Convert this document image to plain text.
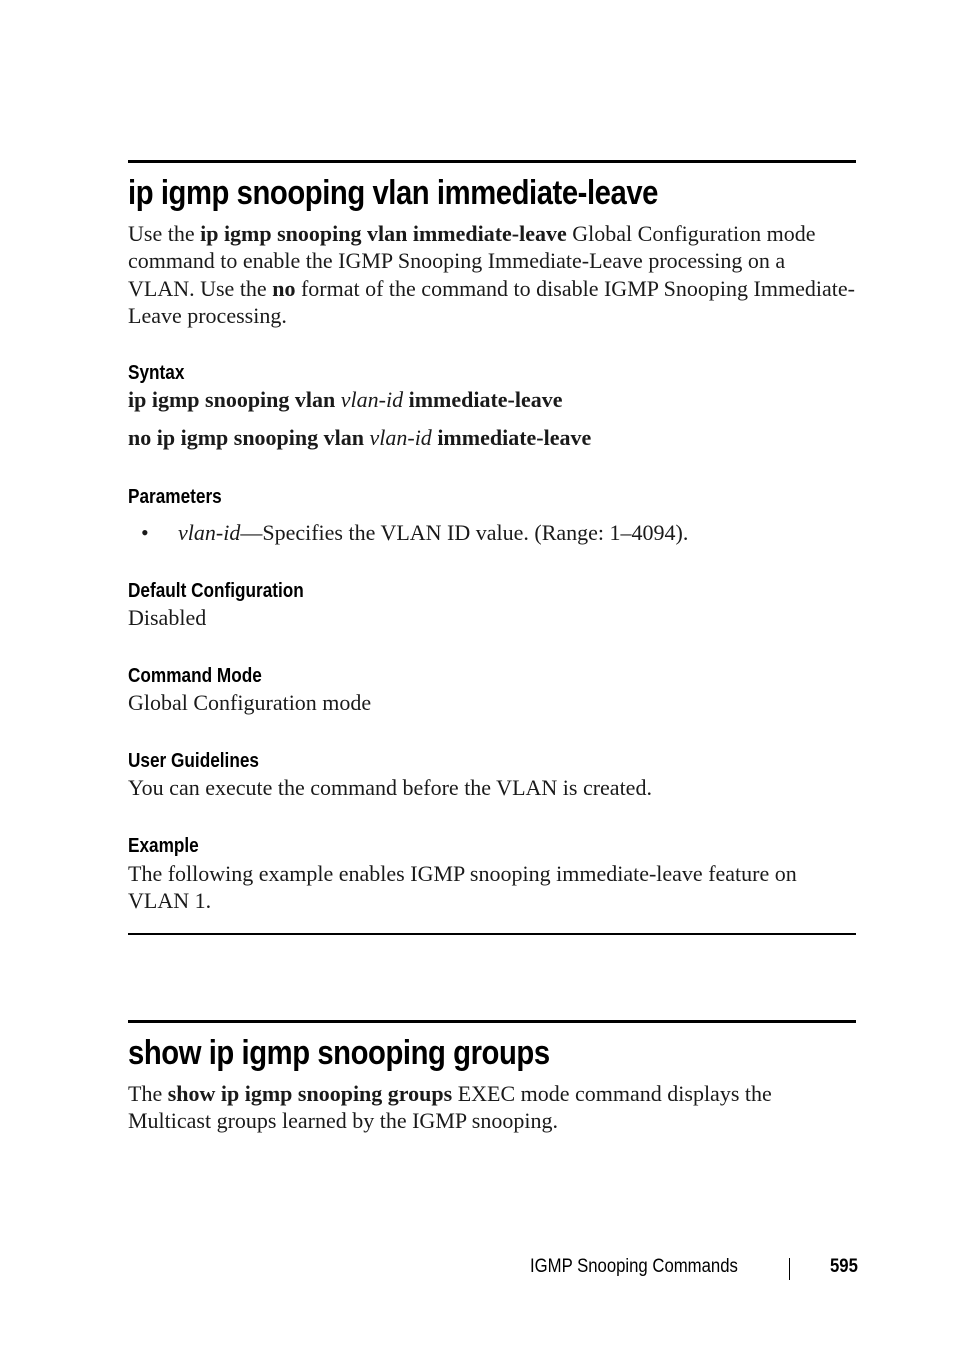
ip igmp snooping vlan immediate-leave

Use the ip igmp snooping vlan immediate-leave Global Configuration mode command to enable the IGMP Snooping Immediate-Leave processing on a VLAN. Use the no format of the command to disable IGMP Snooping Immediate-Leave processing.

Syntax
ip igmp snooping vlan vlan-id immediate-leave
no ip igmp snooping vlan vlan-id immediate-leave
Parameters
• vlan-id—Specifies the VLAN ID value. (Range: 1–4094).
Default Configuration
Disabled
Command Mode
Global Configuration mode
User Guidelines
You can execute the command before the VLAN is created.
Example

The following example enables IGMP snooping immediate-leave feature on VLAN 1.

show ip igmp snooping groups

The show ip igmp snooping groups EXEC mode command displays the Multicast groups learned by the IGMP snooping.

IGMP Snooping Commands	595
